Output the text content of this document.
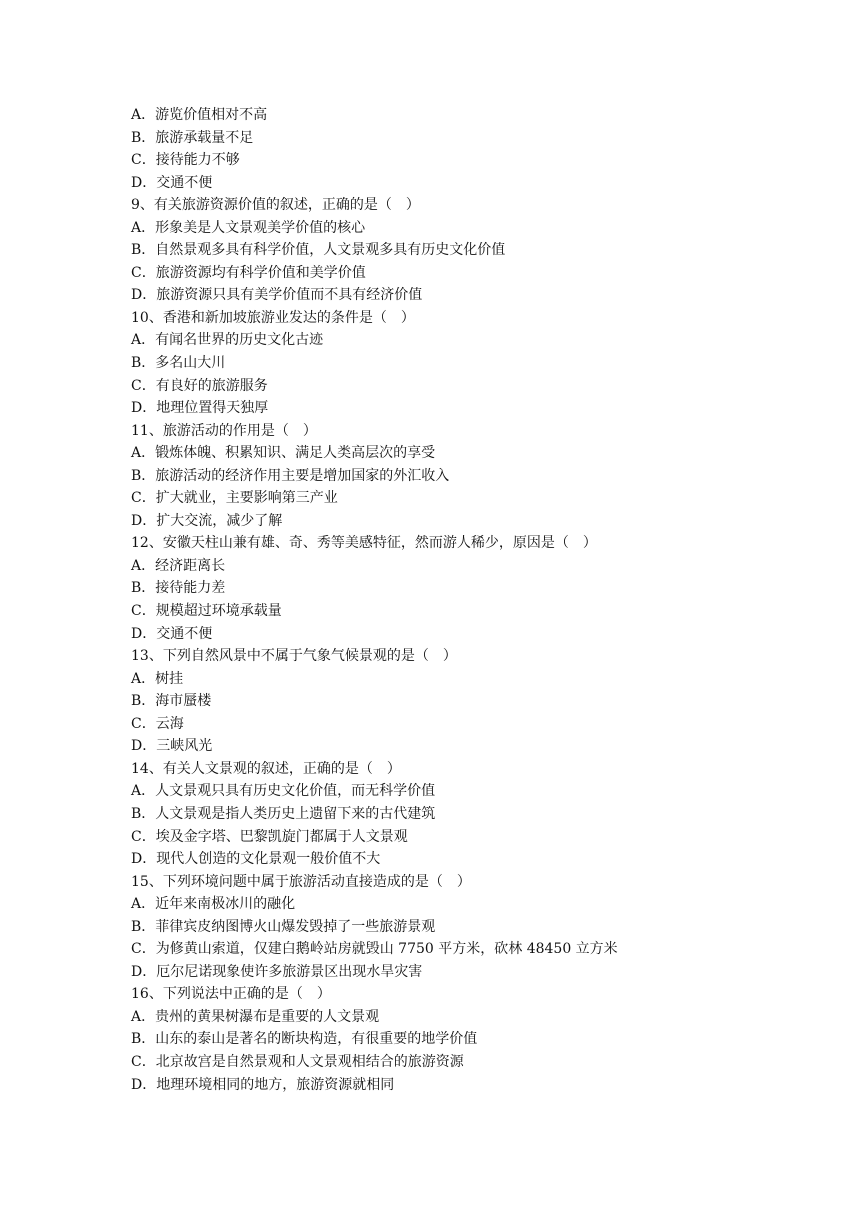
A．游览价值相对不高
B．旅游承载量不足
C．接待能力不够
D．交通不便
9、有关旅游资源价值的叙述，正确的是（　）
A．形象美是人文景观美学价值的核心
B．自然景观多具有科学价值，人文景观多具有历史文化价值
C．旅游资源均有科学价值和美学价值
D．旅游资源只具有美学价值而不具有经济价值
10、香港和新加坡旅游业发达的条件是（　）
A．有闻名世界的历史文化古迹
B．多名山大川
C．有良好的旅游服务
D．地理位置得天独厚
11、旅游活动的作用是（　）
A．锻炼体魄、积累知识、满足人类高层次的享受
B．旅游活动的经济作用主要是增加国家的外汇收入
C．扩大就业，主要影响第三产业
D．扩大交流，减少了解
12、安徽天柱山兼有雄、奇、秀等美感特征，然而游人稀少，原因是（　）
A．经济距离长
B．接待能力差
C．规模超过环境承载量
D．交通不便
13、下列自然风景中不属于气象气候景观的是（　）
A．树挂
B．海市蜃楼
C．云海
D．三峡风光
14、有关人文景观的叙述，正确的是（　）
A．人文景观只具有历史文化价值，而无科学价值
B．人文景观是指人类历史上遗留下来的古代建筑
C．埃及金字塔、巴黎凯旋门都属于人文景观
D．现代人创造的文化景观一般价值不大
15、下列环境问题中属于旅游活动直接造成的是（　）
A．近年来南极冰川的融化
B．菲律宾皮纳图博火山爆发毁掉了一些旅游景观
C．为修黄山索道，仅建白鹅岭站房就毁山 7750 平方米，砍林 48450 立方米
D．厄尔尼诺现象使许多旅游景区出现水旱灾害
16、下列说法中正确的是（　）
A．贵州的黄果树瀑布是重要的人文景观
B．山东的泰山是著名的断块构造，有很重要的地学价值
C．北京故宫是自然景观和人文景观相结合的旅游资源
D．地理环境相同的地方，旅游资源就相同
